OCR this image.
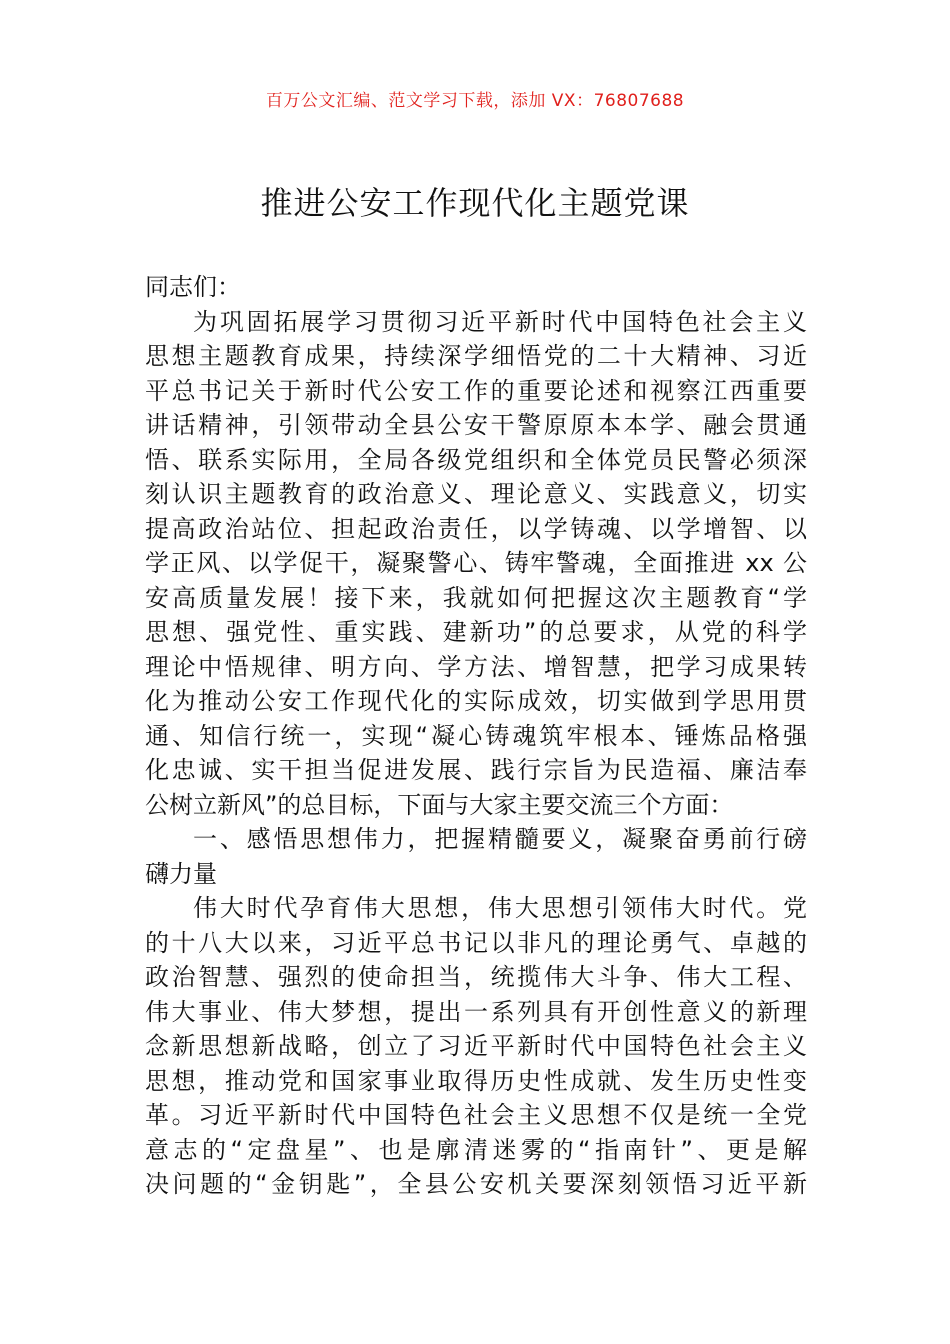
百万公文汇编、范文学习下载，添加 VX：76807688
推进公安工作现代化主题党课
同志们：
为巩固拓展学习贯彻习近平新时代中国特色社会主义
思想主题教育成果，持续深学细悟党的二十大精神、习近
平总书记关于新时代公安工作的重要论述和视察江西重要
讲话精神，引领带动全县公安干警原原本本学、融会贯通
悟、联系实际用，全局各级党组织和全体党员民警必须深
刻认识主题教育的政治意义、理论意义、实践意义，切实
提高政治站位、担起政治责任，以学铸魂、以学增智、以
学正风、以学促干，凝聚警心、铸牢警魂，全面推进 xx 公
安高质量发展！接下来，我就如何把握这次主题教育“学
思想、强党性、重实践、建新功”的总要求，从党的科学
理论中悟规律、明方向、学方法、增智慧，把学习成果转
化为推动公安工作现代化的实际成效，切实做到学思用贯
通、知信行统一，实现“凝心铸魂筑牢根本、锤炼品格强
化忠诚、实干担当促进发展、践行宗旨为民造福、廉洁奉
公树立新风”的总目标，下面与大家主要交流三个方面：
一、感悟思想伟力，把握精髓要义，凝聚奋勇前行磅
礴力量
伟大时代孕育伟大思想，伟大思想引领伟大时代。党
的十八大以来，习近平总书记以非凡的理论勇气、卓越的
政治智慧、强烈的使命担当，统揽伟大斗争、伟大工程、
伟大事业、伟大梦想，提出一系列具有开创性意义的新理
念新思想新战略，创立了习近平新时代中国特色社会主义
思想，推动党和国家事业取得历史性成就、发生历史性变
革。习近平新时代中国特色社会主义思想不仅是统一全党
意志的“定盘星”、也是廓清迷雾的“指南针”、更是解
决问题的“金钥匙”，全县公安机关要深刻领悟习近平新
